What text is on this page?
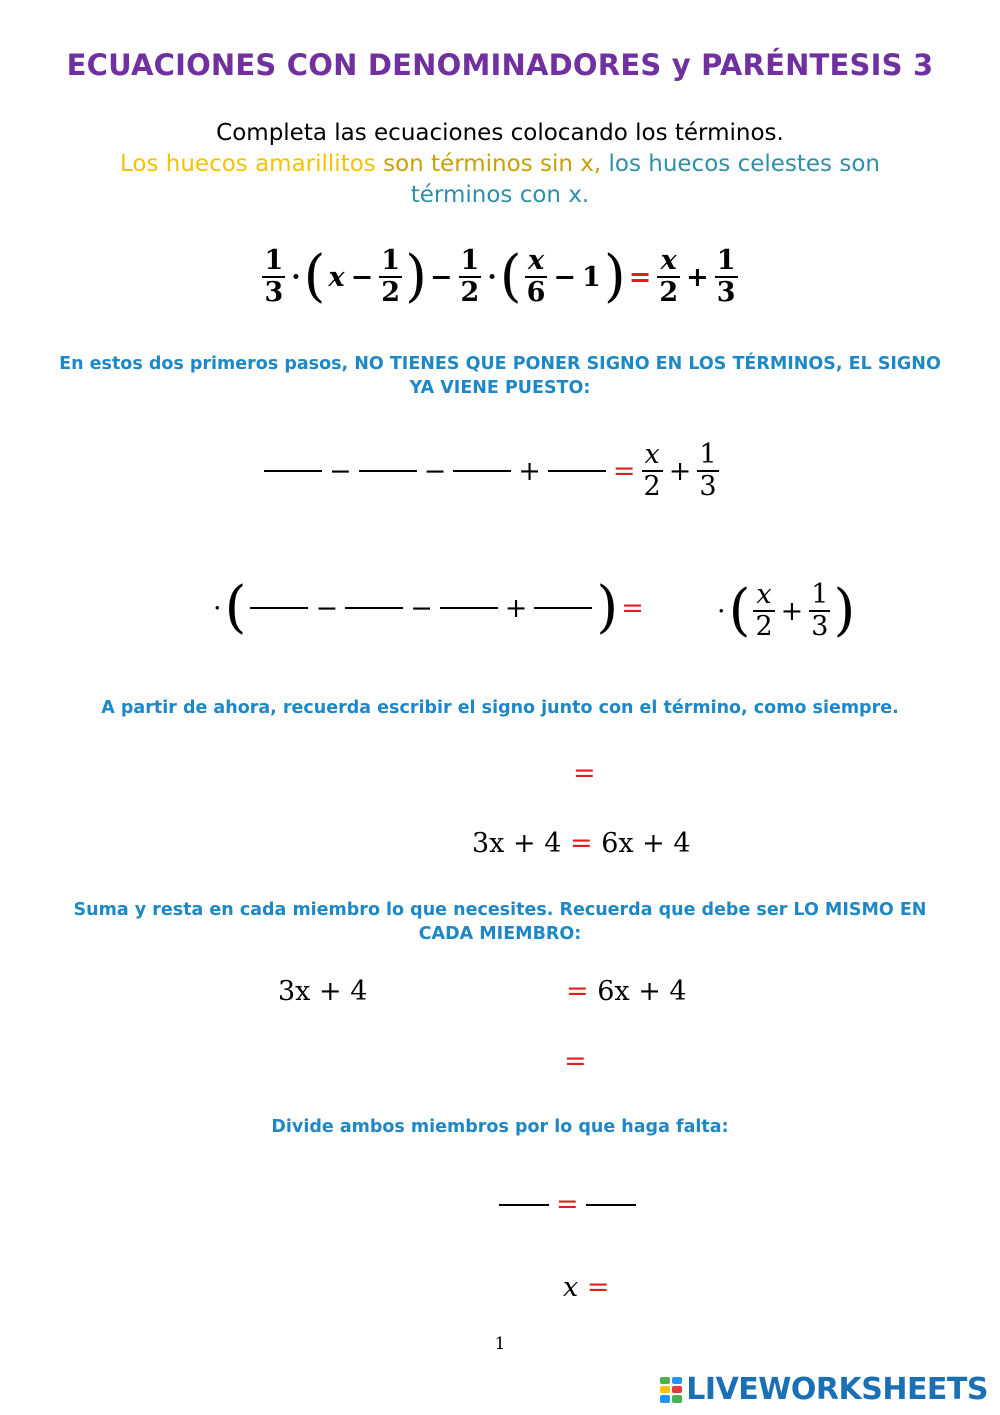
ECUACIONES CON DENOMINADORES y PARÉNTESIS 3
Completa las ecuaciones colocando los términos.
Los huecos amarillitos son términos sin x, los huecos celestes son términos con x.
$\frac{1}{3}$ ·( $x - \frac{1}{2}$ ) − $\frac{1}{2}$ ·( $\frac{x}{6} - 1) = \frac{x}{2} + \frac{1}{3}$
En estos dos primeros pasos, NO TIENES QUE PONER SIGNO EN LOS TÉRMINOS, EL SIGNO YA VIENE PUESTO:
−	−	+	= $\frac{x}{2} + \frac{1}{3}$
·(	−	−	+ ) =	·( $\frac{x}{2} + \frac{1}{3}$ )
A partir de ahora, recuerda escribir el signo junto con el término, como siempre.
=
3x + 4 = 6x + 4
Suma y resta en cada miembro lo que necesites. Recuerda que debe ser LO MISMO EN CADA MIEMBRO:
3x + 4	= 6x + 4
=
Divide ambos miembros por lo que haga falta:
=
x =
1
LIVEWORKSHEETS
